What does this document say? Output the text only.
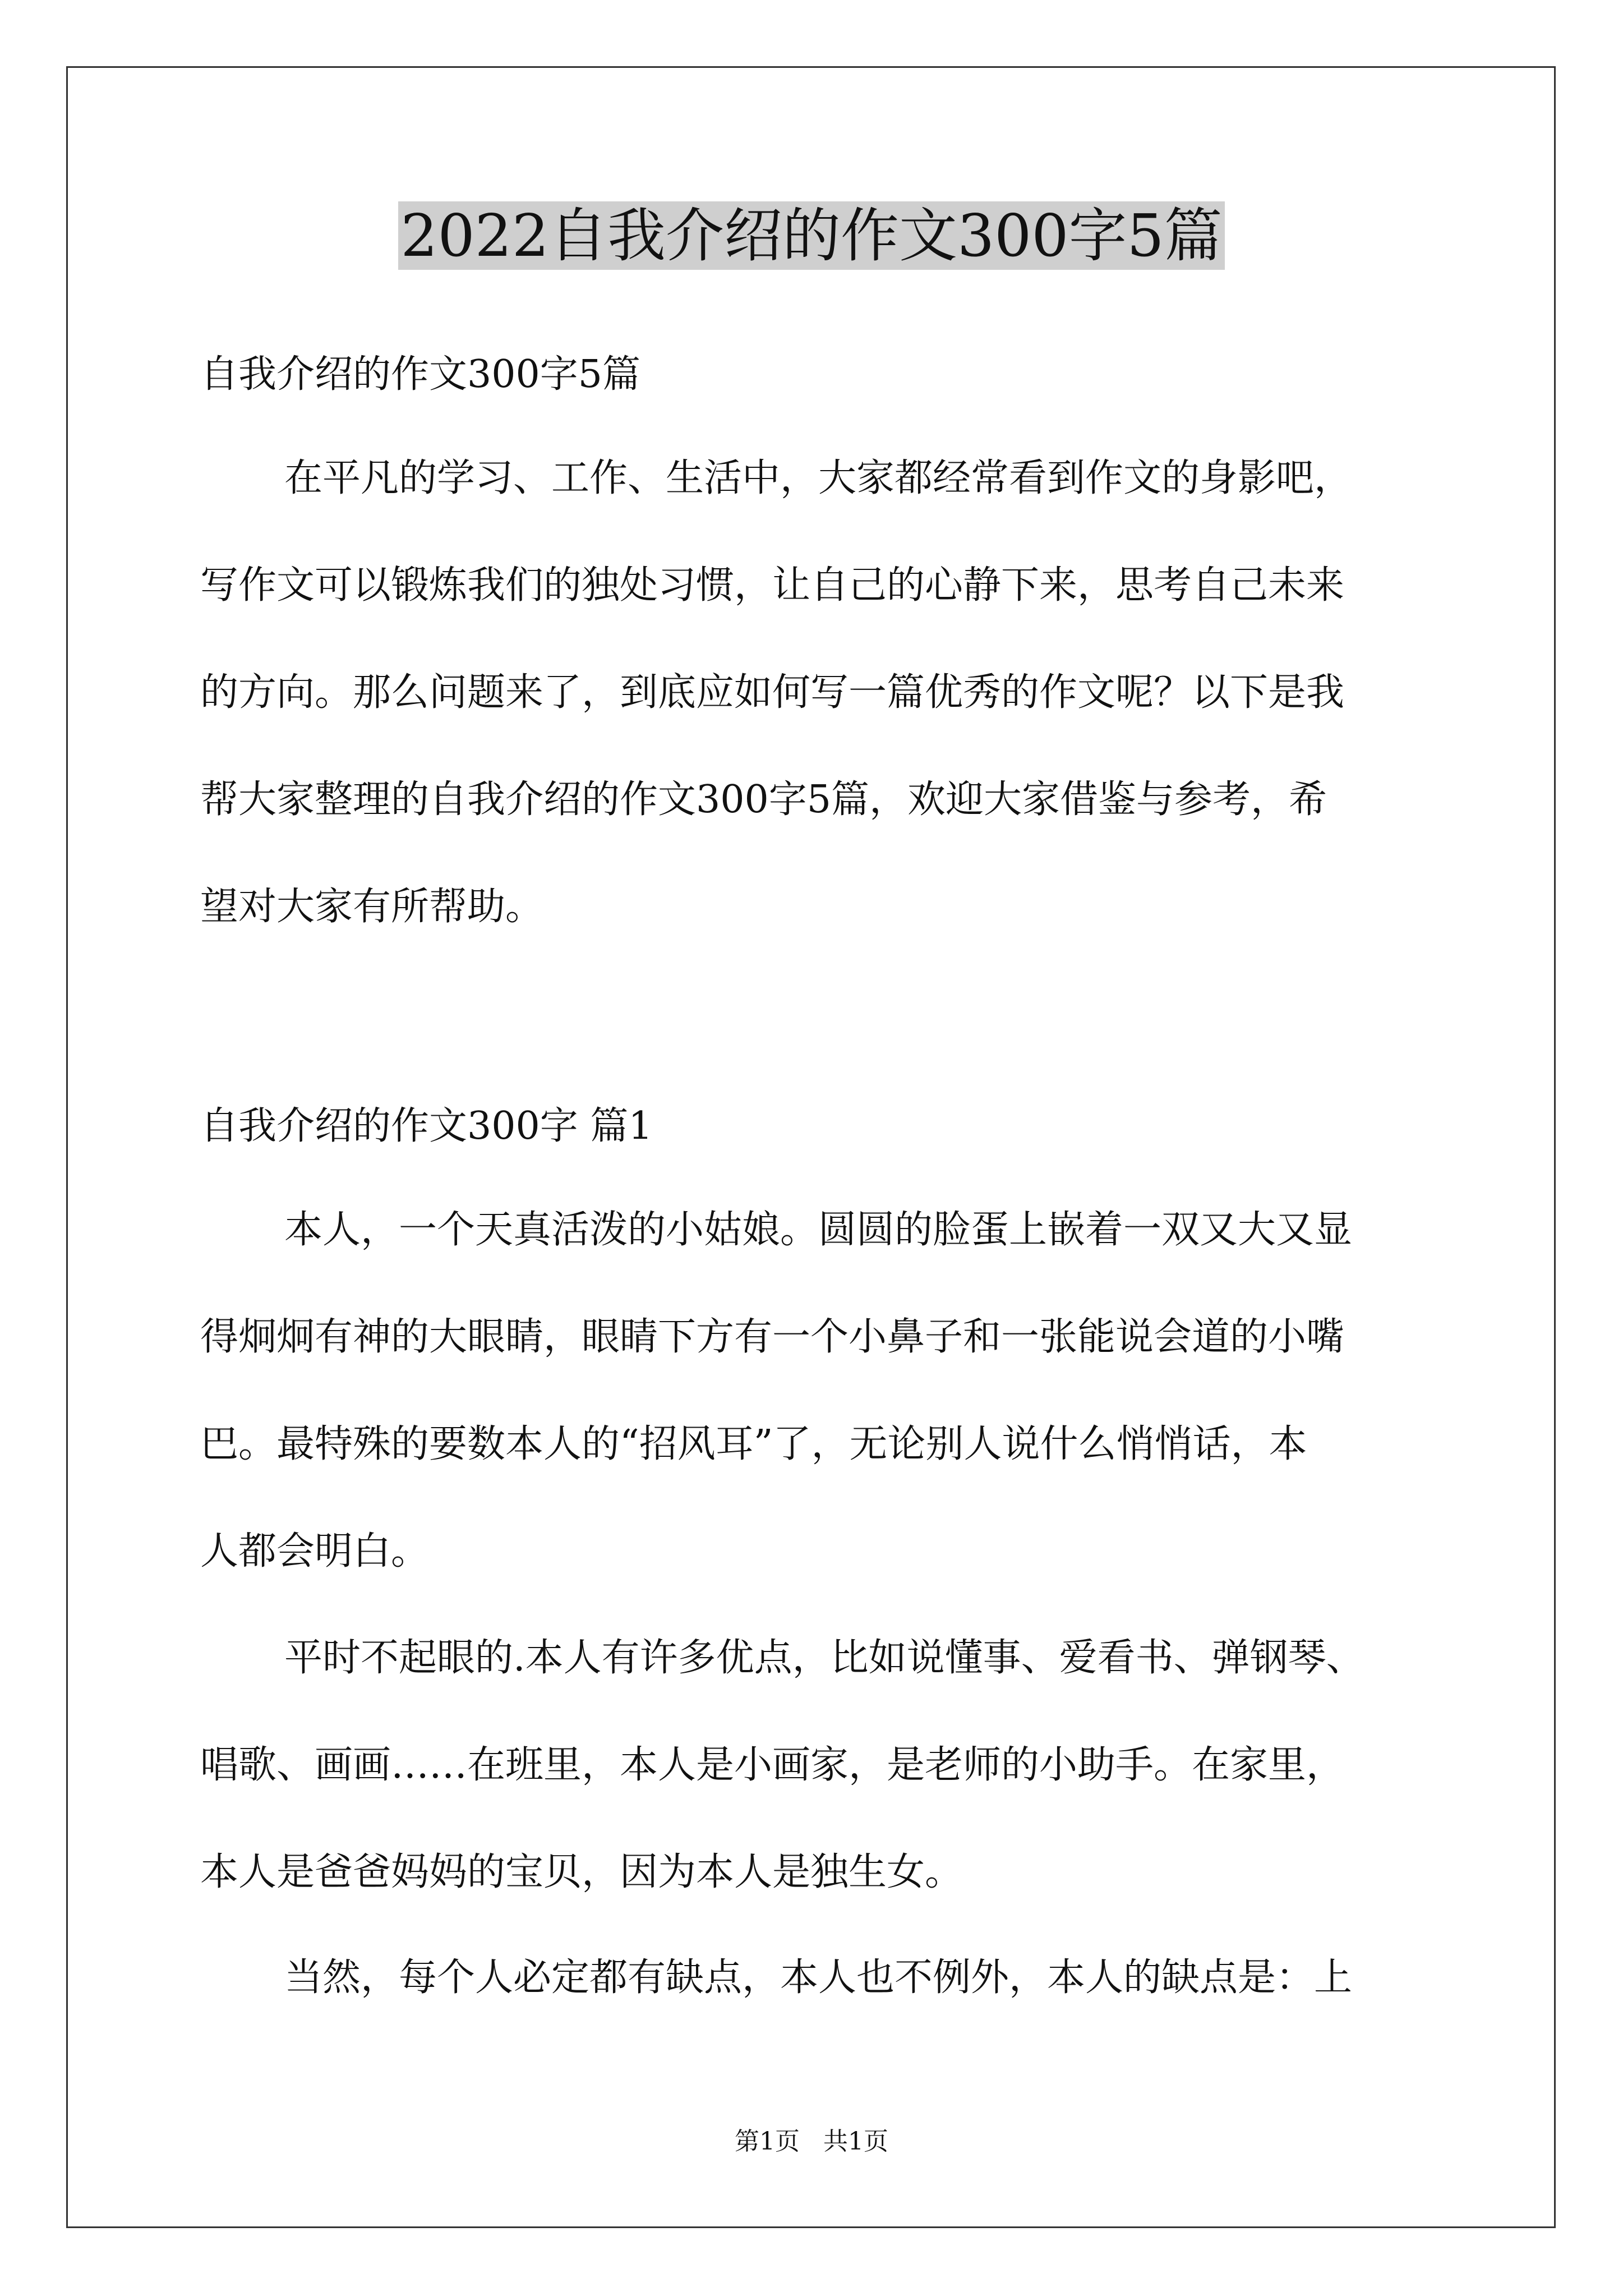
2022自我介绍的作文300字5篇
自我介绍的作文300字5篇
在平凡的学习、工作、生活中，大家都经常看到作文的身影吧，
写作文可以锻炼我们的独处习惯，让自己的心静下来，思考自己未来
的方向。那么问题来了，到底应如何写一篇优秀的作文呢？以下是我
帮大家整理的自我介绍的作文300字5篇，欢迎大家借鉴与参考，希
望对大家有所帮助。
自我介绍的作文300字 篇1
本人，一个天真活泼的小姑娘。圆圆的脸蛋上嵌着一双又大又显
得炯炯有神的大眼睛，眼睛下方有一个小鼻子和一张能说会道的小嘴
巴。最特殊的要数本人的“招风耳”了，无论别人说什么悄悄话，本
人都会明白。
平时不起眼的.本人有许多优点，比如说懂事、爱看书、弹钢琴、
唱歌、画画……在班里，本人是小画家，是老师的小助手。在家里，
本人是爸爸妈妈的宝贝，因为本人是独生女。
当然，每个人必定都有缺点，本人也不例外，本人的缺点是：上
第1页   共1页
